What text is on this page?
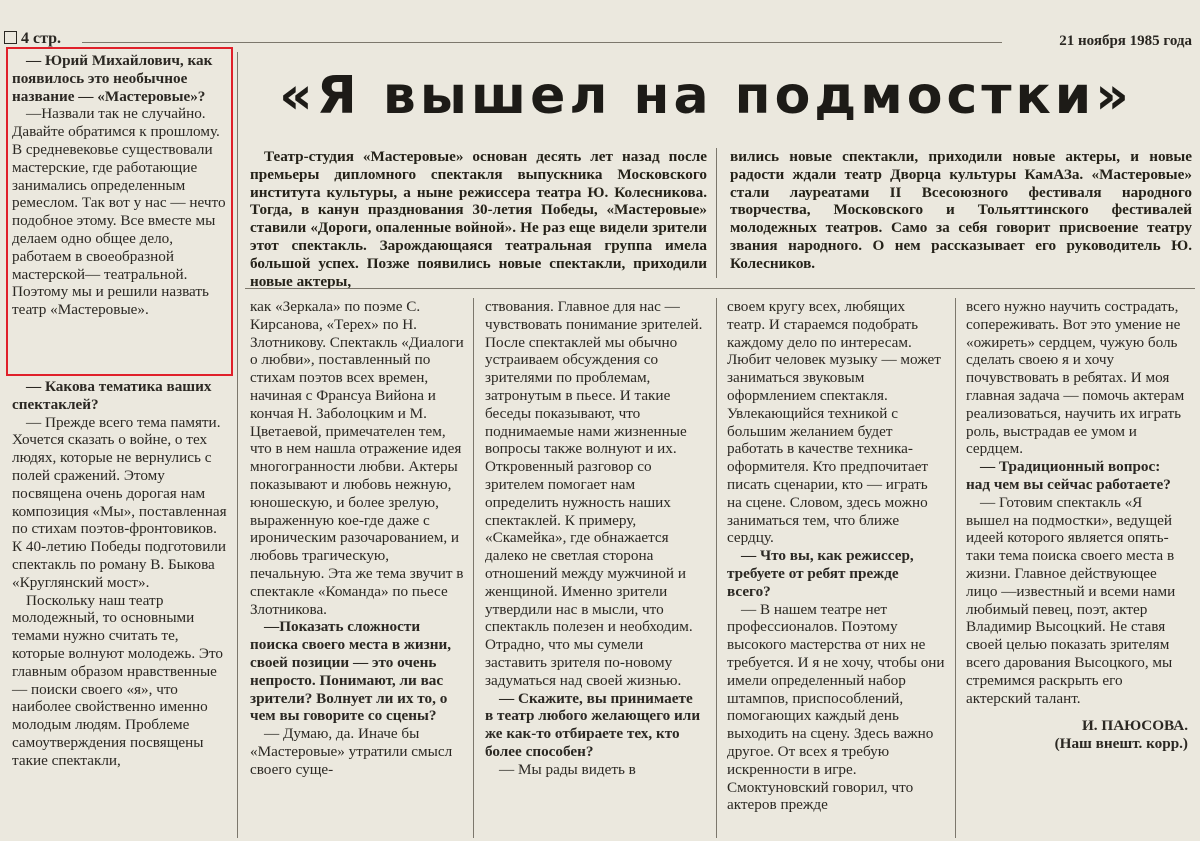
4 стр.	21 ноября 1985 года

— Юрий Михайлович, как появилось это необычное название — «Мастеровые»?

—Назвали так не случайно. Давайте обратимся к прошлому. В средневековье существовали мастерские, где работающие занимались определенным ремеслом. Так вот у нас — нечто подобное этому. Все вместе мы делаем одно общее дело, работаем в своеобразной мастерской— театральной. Поэтому мы и решили назвать театр «Мастеровые».

— Какова тематика ваших спектаклей?

— Прежде всего тема памяти. Хочется сказать о войне, о тех людях, которые не вернулись с полей сражений. Этому посвящена очень дорогая нам композиция «Мы», поставленная по стихам поэтов-фронтовиков. К 40-летию Победы подготовили спектакль по роману В. Быкова «Круглянский мост».

Поскольку наш театр молодежный, то основными темами нужно считать те, которые волнуют молодежь. Это главным образом нравственные — поиски своего «я», что наиболее свойственно именно молодым людям. Проблеме самоутверждения посвящены такие спектакли,

«Я вышел на подмостки»

Театр-студия «Мастеровые» основан десять лет назад после премьеры дипломного спектакля выпускника Московского института культуры, а ныне режиссера театра Ю. Колесникова. Тогда, в канун празднования 30-летия Победы, «Мастеровые» ставили «Дороги, опаленные войной». Не раз еще видели зрители этот спектакль. Зарождающаяся театральная группа имела большой успех. Позже появились новые спектакли, приходили новые актеры,

вились новые спектакли, приходили новые актеры, и новые радости ждали театр Дворца культуры КамАЗа. «Мастеровые» стали лауреатами II Всесоюзного фестиваля народного творчества, Московского и Тольяттинского фестивалей молодежных театров. Само за себя говорит присвоение театру звания народного. О нем рассказывает его руководитель Ю. Колесников.

как «Зеркала» по поэме С. Кирсанова, «Терех» по Н. Злотникову. Спектакль «Диалоги о любви», поставленный по стихам поэтов всех времен, начиная с Франсуа Вийона и кончая Н. Заболоцким и М. Цветаевой, примечателен тем, что в нем нашла отражение идея многогранности любви. Актеры показывают и любовь нежную, юношескую, и более зрелую, выраженную кое-где даже с ироническим разочарованием, и любовь трагическую, печальную. Эта же тема звучит в спектакле «Команда» по пьесе Злотникова.

—Показать сложности поиска своего места в жизни, своей позиции — это очень непросто. Понимают, ли вас зрители? Волнует ли их то, о чем вы говорите со сцены?

— Думаю, да. Иначе бы «Мастеровые» утратили смысл своего суще-

ствования. Главное для нас — чувствовать понимание зрителей. После спектаклей мы обычно устраиваем обсуждения со зрителями по проблемам, затронутым в пьесе. И такие беседы показывают, что поднимаемые нами жизненные вопросы также волнуют и их. Откровенный разговор со зрителем помогает нам определить нужность наших спектаклей. К примеру, «Скамейка», где обнажается далеко не светлая сторона отношений между мужчиной и женщиной. Именно зрители утвердили нас в мысли, что спектакль полезен и необходим. Отрадно, что мы сумели заставить зрителя по-новому задуматься над своей жизнью.

— Скажите, вы принимаете в театр любого желающего или же как-то отбираете тех, кто более способен?

— Мы рады видеть в

своем кругу всех, любящих театр. И стараемся подобрать каждому дело по интересам. Любит человек музыку — может заниматься звуковым оформлением спектакля. Увлекающийся техникой с большим желанием будет работать в качестве техника-оформителя. Кто предпочитает писать сценарии, кто — играть на сцене. Словом, здесь можно заниматься тем, что ближе сердцу.

— Что вы, как режиссер, требуете от ребят прежде всего?

— В нашем театре нет профессионалов. Поэтому высокого мастерства от них не требуется. И я не хочу, чтобы они имели определенный набор штампов, приспособлений, помогающих каждый день выходить на сцену. Здесь важно другое. От всех я требую искренности в игре. Смоктуновский говорил, что актеров прежде

всего нужно научить сострадать, сопереживать. Вот это умение не «ожиреть» сердцем, чужую боль сделать своею я и хочу почувствовать в ребятах. И моя главная задача — помочь актерам реализоваться, научить их играть роль, выстрадав ее умом и сердцем.

— Традиционный вопрос: над чем вы сейчас работаете?

— Готовим спектакль «Я вышел на подмостки», ведущей идеей которого является опять-таки тема поиска своего места в жизни. Главное действующее лицо —известный и всеми нами любимый певец, поэт, актер Владимир Высоцкий. Не ставя своей целью показать зрителям всего дарования Высоцкого, мы стремимся раскрыть его актерский талант.

И. ПАЮСОВА.

(Наш внешт. корр.)
